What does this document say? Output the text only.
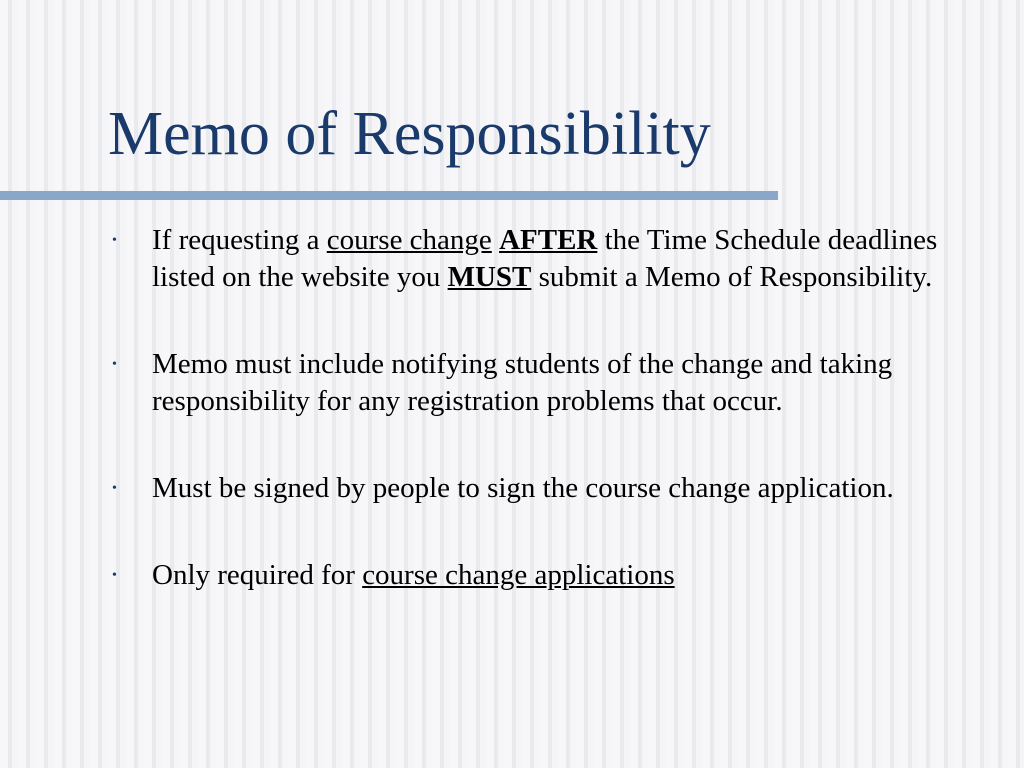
Memo of Responsibility
• If requesting a course change AFTER the Time Schedule deadlines listed on the website you MUST submit a Memo of Responsibility.
• Memo must include notifying students of the change and taking responsibility for any registration problems that occur.
• Must be signed by people to sign the course change application.
• Only required for course change applications
